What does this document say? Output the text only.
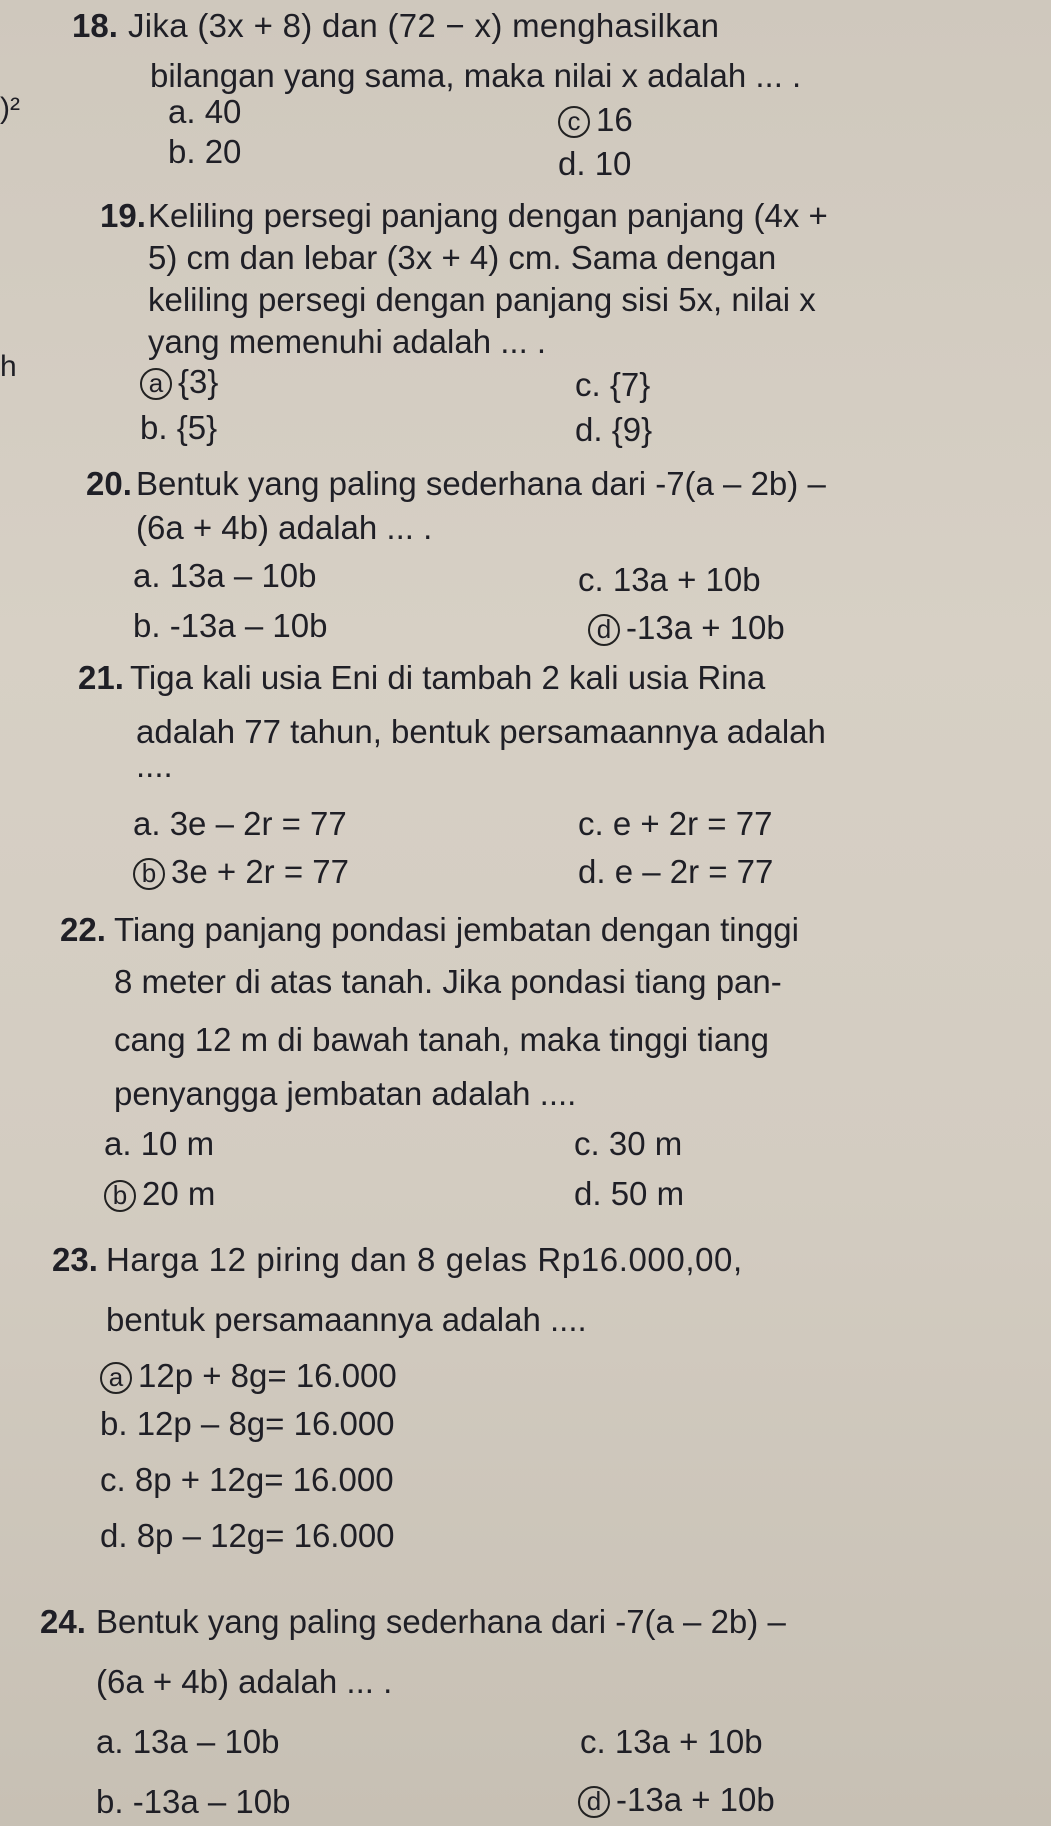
)²
h
18. Jika (3x + 8) dan (72 − x) menghasilkan
bilangan yang sama, maka nilai x adalah ... .
a. 40	c 16
b. 20	d. 10
19. Keliling persegi panjang dengan panjang (4x +
5) cm dan lebar (3x + 4) cm. Sama dengan
keliling persegi dengan panjang sisi 5x, nilai x
yang memenuhi adalah ... .
a {3}	c. {7}
b. {5}	d. {9}
20. Bentuk yang paling sederhana dari -7(a – 2b) –
(6a + 4b) adalah ... .
a. 13a – 10b	c. 13a + 10b
b. -13a – 10b	d -13a + 10b
21. Tiga kali usia Eni di tambah 2 kali usia Rina
adalah 77 tahun, bentuk persamaannya adalah
....
a. 3e – 2r = 77	c. e + 2r = 77
b 3e + 2r = 77	d. e – 2r = 77
22. Tiang panjang pondasi jembatan dengan tinggi
8 meter di atas tanah. Jika pondasi tiang pan-
cang 12 m di bawah tanah, maka tinggi tiang
penyangga jembatan adalah ....
a. 10 m	c. 30 m
b 20 m	d. 50 m
23. Harga 12 piring dan 8 gelas Rp16.000,00,
bentuk persamaannya adalah ....
a 12p + 8g= 16.000
b. 12p – 8g= 16.000
c. 8p + 12g= 16.000
d. 8p – 12g= 16.000
24. Bentuk yang paling sederhana dari -7(a – 2b) –
(6a + 4b) adalah ... .
a. 13a – 10b	c. 13a + 10b
b. -13a – 10b	d -13a + 10b
